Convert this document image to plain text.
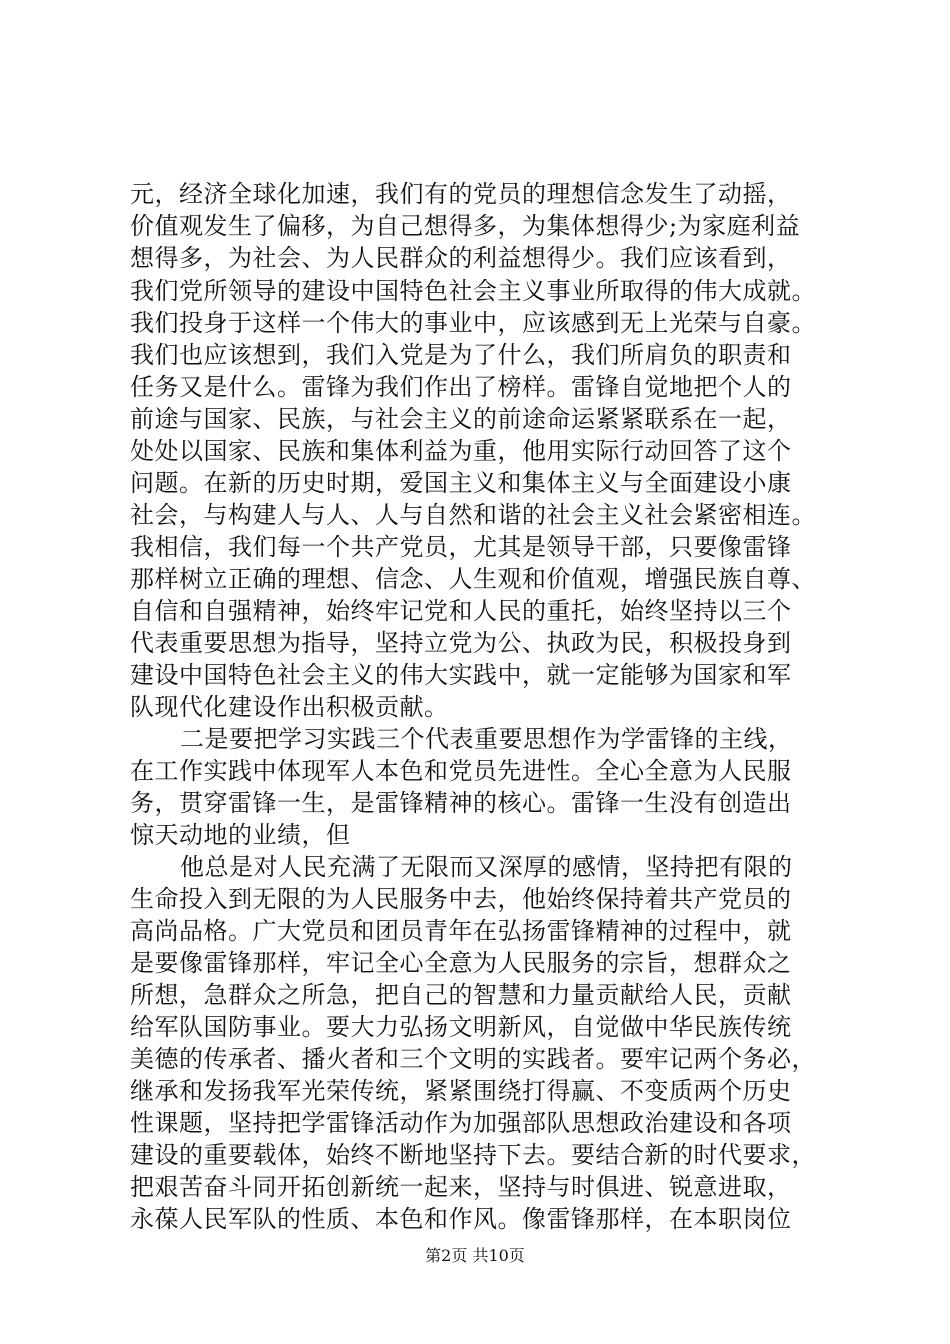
元，经济全球化加速，我们有的党员的理想信念发生了动摇，
价值观发生了偏移，为自己想得多，为集体想得少;为家庭利益
想得多，为社会、为人民群众的利益想得少。我们应该看到，
我们党所领导的建设中国特色社会主义事业所取得的伟大成就。
我们投身于这样一个伟大的事业中，应该感到无上光荣与自豪。
我们也应该想到，我们入党是为了什么，我们所肩负的职责和
任务又是什么。雷锋为我们作出了榜样。雷锋自觉地把个人的
前途与国家、民族，与社会主义的前途命运紧紧联系在一起，
处处以国家、民族和集体利益为重，他用实际行动回答了这个
问题。在新的历史时期，爱国主义和集体主义与全面建设小康
社会，与构建人与人、人与自然和谐的社会主义社会紧密相连。
我相信，我们每一个共产党员，尤其是领导干部，只要像雷锋
那样树立正确的理想、信念、人生观和价值观，增强民族自尊、
自信和自强精神，始终牢记党和人民的重托，始终坚持以三个
代表重要思想为指导，坚持立党为公、执政为民，积极投身到
建设中国特色社会主义的伟大实践中，就一定能够为国家和军
队现代化建设作出积极贡献。
二是要把学习实践三个代表重要思想作为学雷锋的主线，
在工作实践中体现军人本色和党员先进性。全心全意为人民服
务，贯穿雷锋一生，是雷锋精神的核心。雷锋一生没有创造出
惊天动地的业绩，但
他总是对人民充满了无限而又深厚的感情，坚持把有限的
生命投入到无限的为人民服务中去，他始终保持着共产党员的
高尚品格。广大党员和团员青年在弘扬雷锋精神的过程中，就
是要像雷锋那样，牢记全心全意为人民服务的宗旨，想群众之
所想，急群众之所急，把自己的智慧和力量贡献给人民，贡献
给军队国防事业。要大力弘扬文明新风，自觉做中华民族传统
美德的传承者、播火者和三个文明的实践者。要牢记两个务必，
继承和发扬我军光荣传统，紧紧围绕打得赢、不变质两个历史
性课题，坚持把学雷锋活动作为加强部队思想政治建设和各项
建设的重要载体，始终不断地坚持下去。要结合新的时代要求，
把艰苦奋斗同开拓创新统一起来，坚持与时俱进、锐意进取，
永葆人民军队的性质、本色和作风。像雷锋那样，在本职岗位
第2页 共10页
